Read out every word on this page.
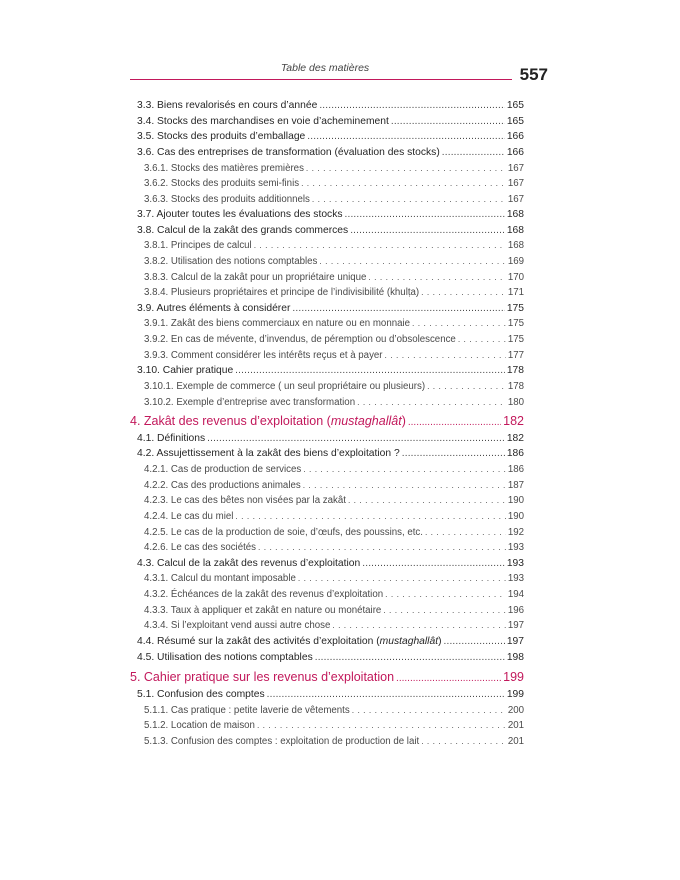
Table des matières	557
3.3. Biens revalorisés en cours d’année .....	165
3.4. Stocks des marchandises en voie d’acheminement .....	165
3.5. Stocks des produits d’emballage .....	166
3.6. Cas des entreprises de transformation (évaluation des stocks) .....	166
3.6.1. Stocks des matières premières . . .	167
3.6.2. Stocks des produits semi-finis . . .	167
3.6.3. Stocks des produits additionnels . . .	167
3.7. Ajouter toutes les évaluations des stocks .....	168
3.8. Calcul de la zakât des grands commerces .....	168
3.8.1. Principes de calcul . . .	168
3.8.2. Utilisation des notions comptables . . .	169
3.8.3. Calcul de la zakât pour un propriétaire unique . . .	170
3.8.4. Plusieurs propriétaires et principe de l’indivisibilité (khulṭa) . . .	171
3.9. Autres éléments à considérer .....	175
3.9.1. Zakât des biens commerciaux en nature ou en monnaie . . .	175
3.9.2. En cas de mévente, d’invendus, de péremption ou d’obsolescence . . .	175
3.9.3. Comment considérer les intérêts reçus et à payer . . .	177
3.10. Cahier pratique .....	178
3.10.1. Exemple de commerce ( un seul propriétaire ou plusieurs) . . .	178
3.10.2. Exemple d’entreprise avec transformation . . .	180
4. Zakât des revenus d’exploitation (mustaghallât) .....	182
4.1. Définitions .....	182
4.2. Assujettissement à la zakât des biens d’exploitation ? .....	186
4.2.1. Cas de production de services . . .	186
4.2.2. Cas des productions animales . . .	187
4.2.3. Le cas des bêtes non visées par la zakât . . .	190
4.2.4. Le cas du miel . . .	190
4.2.5. Le cas de la production de soie, d’œufs, des poussins, etc. . . .	192
4.2.6. Le cas des sociétés . . .	193
4.3. Calcul de la zakât des revenus d’exploitation .....	193
4.3.1. Calcul du montant imposable . . .	193
4.3.2. Échéances de la zakât des revenus d’exploitation . . .	194
4.3.3. Taux à appliquer et zakât en nature ou monétaire . . .	196
4.3.4. Si l’exploitant vend aussi autre chose . . .	197
4.4. Résumé sur la zakât des activités d’exploitation (mustaghallât) .....	197
4.5. Utilisation des notions comptables .....	198
5. Cahier pratique sur les revenus d’exploitation .....	199
5.1. Confusion des comptes .....	199
5.1.1. Cas pratique : petite laverie de vêtements . . .	200
5.1.2. Location de maison . . .	201
5.1.3. Confusion des comptes : exploitation de production de lait . . .	201
